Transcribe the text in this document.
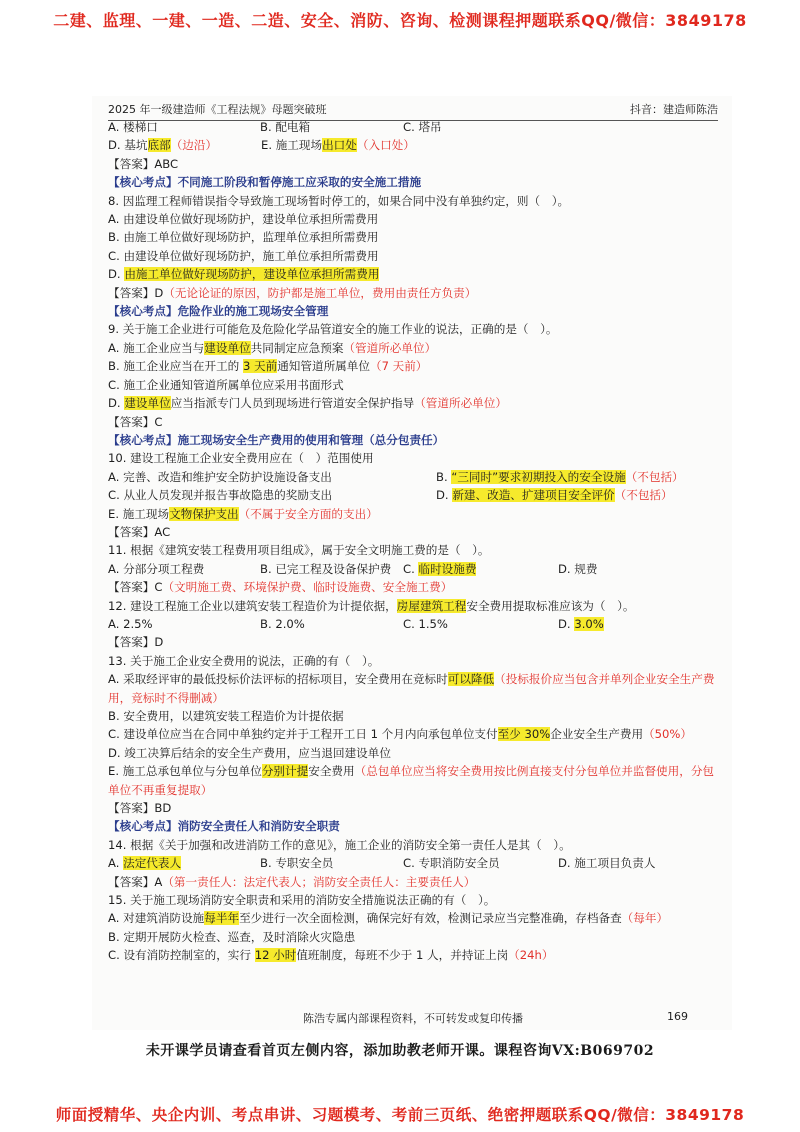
二建、监理、一建、一造、二造、安全、消防、咨询、检测课程押题联系QQ/微信：3849178
2025 年一级建造师《工程法规》母题突破班	抖音：建造师陈浩
A. 楼梯口	B. 配电箱	C. 塔吊
D. 基坑底部（边沿）	E. 施工现场出口处（入口处）
【答案】ABC
【核心考点】不同施工阶段和暂停施工应采取的安全施工措施
8. 因监理工程师错误指令导致施工现场暂时停工的，如果合同中没有单独约定，则（　）。
A. 由建设单位做好现场防护，建设单位承担所需费用
B. 由施工单位做好现场防护，监理单位承担所需费用
C. 由建设单位做好现场防护，施工单位承担所需费用
D. 由施工单位做好现场防护，建设单位承担所需费用
【答案】D（无论论证的原因，防护都是施工单位，费用由责任方负责）
【核心考点】危险作业的施工现场安全管理
9. 关于施工企业进行可能危及危险化学品管道安全的施工作业的说法，正确的是（　）。
A. 施工企业应当与建设单位共同制定应急预案（管道所必单位）
B. 施工企业应当在开工的 3 天前通知管道所属单位（7 天前）
C. 施工企业通知管道所属单位应采用书面形式
D. 建设单位应当指派专门人员到现场进行管道安全保护指导（管道所必单位）
【答案】C
【核心考点】施工现场安全生产费用的使用和管理（总分包责任）
10. 建设工程施工企业安全费用应在（　）范围使用
A. 完善、改造和维护安全防护设施设备支出	B. “三同时”要求初期投入的安全设施（不包括）
C. 从业人员发现并报告事故隐患的奖励支出	D. 新建、改造、扩建项目安全评价（不包括）
E. 施工现场文物保护支出（不属于安全方面的支出）
【答案】AC
11. 根据《建筑安装工程费用项目组成》，属于安全文明施工费的是（　）。
A. 分部分项工程费	B. 已完工程及设备保护费	C. 临时设施费	D. 规费
【答案】C（文明施工费、环境保护费、临时设施费、安全施工费）
12. 建设工程施工企业以建筑安装工程造价为计提依据，房屋建筑工程安全费用提取标准应该为（　）。
A. 2.5%	B. 2.0%	C. 1.5%	D. 3.0%
【答案】D
13. 关于施工企业安全费用的说法，正确的有（　）。
A. 采取经评审的最低投标价法评标的招标项目，安全费用在竞标时可以降低（投标报价应当包含并单列企业安全生产费用，竞标时不得删减）
B. 安全费用，以建筑安装工程造价为计提依据
C. 建设单位应当在合同中单独约定并于工程开工日 1 个月内向承包单位支付至少 30%企业安全生产费用（50%）
D. 竣工决算后结余的安全生产费用，应当退回建设单位
E. 施工总承包单位与分包单位分别计提安全费用（总包单位应当将安全费用按比例直接支付分包单位并监督使用，分包单位不再重复提取）
【答案】BD
【核心考点】消防安全责任人和消防安全职责
14. 根据《关于加强和改进消防工作的意见》，施工企业的消防安全第一责任人是其（　）。
A. 法定代表人	B. 专职安全员	C. 专职消防安全员	D. 施工项目负责人
【答案】A（第一责任人：法定代表人；消防安全责任人：主要责任人）
15. 关于施工现场消防安全职责和采用的消防安全措施说法正确的有（　）。
A. 对建筑消防设施每半年至少进行一次全面检测，确保完好有效，检测记录应当完整准确，存档备查（每年）
B. 定期开展防火检查、巡查，及时消除火灾隐患
C. 设有消防控制室的，实行 12 小时值班制度，每班不少于 1 人，并持证上岗（24h）
陈浩专属内部课程资料，不可转发或复印传播	169
未开课学员请查看首页左侧内容，添加助教老师开课。课程咨询VX:B069702
师面授精华、央企内训、考点串讲、习题模考、考前三页纸、绝密押题联系QQ/微信：3849178
